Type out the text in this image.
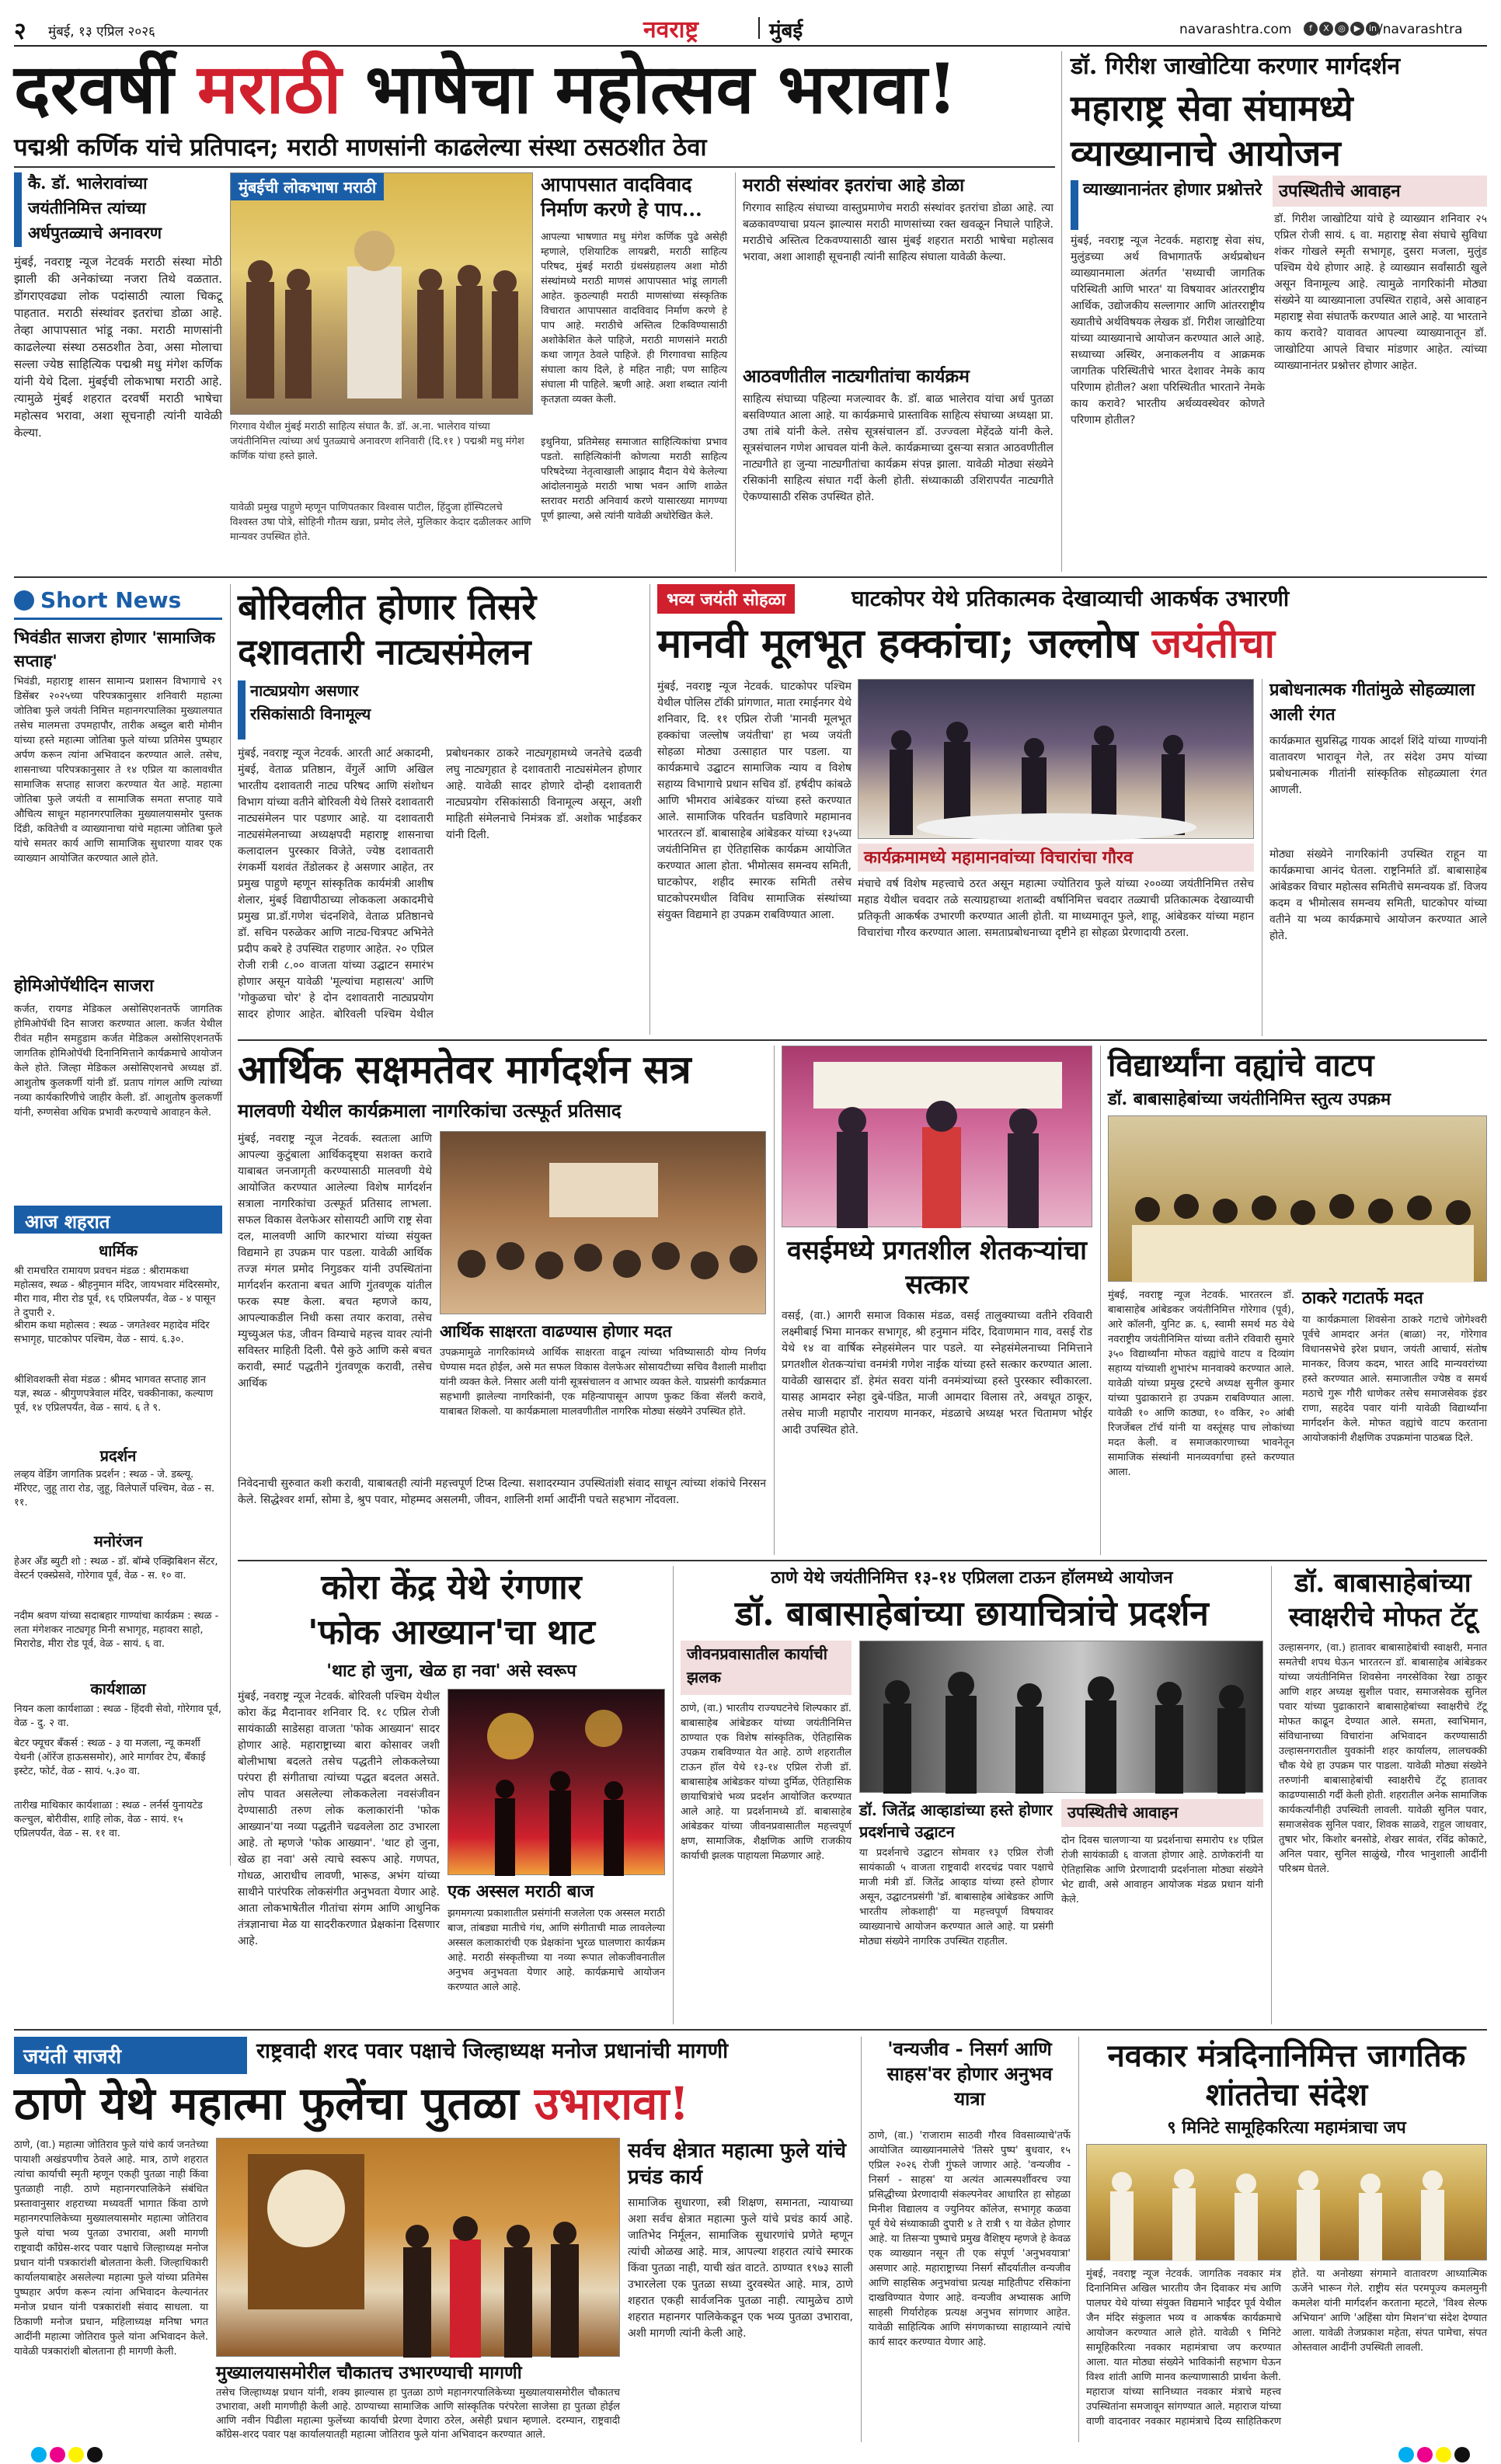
२ मुंबई, १३ एप्रिल २०२६	नवराष्ट्र	मुंबई	navarashtra.com	f	X	◎ ▶ in /navarashtra
दरवर्षी मराठी भाषेचा महोत्सव भरावा!
पद्मश्री कर्णिक यांचे प्रतिपादन; मराठी माणसांनी काढलेल्या संस्था ठसठशीत ठेवा
कै. डॉ. भालेरावांच्या जयंतीनिमित्त त्यांच्या अर्धपुतळ्याचे अनावरण
मुंबई, नवराष्ट्र न्यूज नेटवर्क मराठी संस्था मोठी झाली की अनेकांच्या नजरा तिथे वळतात. डोंगराएवढ्या लोक पदांसाठी त्याला चिकटू पाहतात. मराठी संस्थांवर इतरांचा डोळा आहे. तेव्हा आपापसात भांडू नका. मराठी माणसांनी काढलेल्या संस्था ठसठशीत ठेवा, असा मोलाचा सल्ला ज्येष्ठ साहित्यिक पद्मश्री मधु मंगेश कर्णिक यांनी येथे दिला. मुंबईची लोकभाषा मराठी आहे. त्यामुळे मुंबई शहरात दरवर्षी मराठी भाषेचा महोत्सव भरावा, अशा सूचनाही त्यांनी यावेळी केल्या.
मुंबईची लोकभाषा मराठी
गिरगाव येथील मुंबई मराठी साहित्य संघात कै. डॉ. अ.ना. भालेराव यांच्या जयंतीनिमित्त त्यांच्या अर्ध पुतळ्याचे अनावरण शनिवारी (दि.११ ) पद्मश्री मधु मंगेश कर्णिक यांचा हस्ते झाले.
यावेळी प्रमुख पाहुणे म्हणून पाणिपतकार विश्वास पाटील, हिंदुजा हॉस्पिटलचे विश्वस्त उषा पोत्रे, सोहिनी गौतम खन्ना, प्रमोद लेले, मुलिकार केदार दळीलकर आणि मान्यवर उपस्थित होते.
आपापसात वादविवाद निर्माण करणे हे पाप...
आपल्या भाषणात मधु मंगेश कर्णिक पुढे असेही म्हणाले, एशियाटिक लायब्ररी, मराठी साहित्य परिषद, मुंबई मराठी ग्रंथसंग्रहालय अशा मोठी संस्थांमध्ये मराठी माणसं आपापसात भांडू लागली आहेत. कुठल्याही मराठी माणसांच्या संस्कृतिक विचारात आपापसात वादविवाद निर्माण करणे हे पाप आहे. मराठीचे अस्तित्व टिकविण्यासाठी अशोकेशित केले पाहिजे, मराठी माणसांने मराठी कथा जागृत ठेवले पाहिजे. ही गिरगावचा साहित्य संघाला काय दिले, हे महित नाही; पण साहित्य संघाला मी पाहिले. ऋणी आहे. अशा शब्दात त्यांनी कृतज्ञता व्यक्त केली.
इथुनिया, प्रतिमेसह समाजात साहित्यिकांचा प्रभाव पडतो. साहित्यिकांनी कोणत्या मराठी साहित्य परिषदेच्या नेतृत्वाखाली आझाद मैदान येथे केलेल्या आंदोलनामुळे मराठी भाषा भवन आणि शाळेत स्तरावर मराठी अनिवार्य करणे यासारख्या मागण्या पूर्ण झाल्या, असे त्यांनी यावेळी अधोरेखित केले.
मराठी संस्थांवर इतरांचा आहे डोळा
गिरगाव साहित्य संघाच्या वास्तुप्रमाणेच मराठी संस्थांवर इतरांचा डोळा आहे. त्या बळकावण्याचा प्रयत्न झाल्यास मराठी माणसांच्या रक्त खवळून निघाले पाहिजे. मराठीचे अस्तित्व टिकवण्यासाठी खास मुंबई शहरात मराठी भाषेचा महोत्सव भरावा, अशा आशाही सूचनाही त्यांनी साहित्य संघाला यावेळी केल्या.
आठवणीतील नाट्यगीतांचा कार्यक्रम
साहित्य संघाच्या पहिल्या मजल्यावर कै. डॉ. बाळ भालेराव यांचा अर्ध पुतळा बसविण्यात आला आहे. या कार्यक्रमाचे प्रास्ताविक साहित्य संघाच्या अध्यक्षा प्रा. उषा तांबे यांनी केले. तसेच सूत्रसंचालन डॉ. उज्ज्वला मेहेंदळे यांनी केले. सूत्रसंचालन गणेश आचवल यांनी केले. कार्यक्रमाच्या दुसऱ्या सत्रात आठवणीतील नाट्यगीते हा जुन्या नाट्यगीतांचा कार्यक्रम संपन्न झाला. यावेळी मोठ्या संख्येने रसिकांनी साहित्य संघात गर्दी केली होती. संध्याकाळी उशिरापर्यंत नाट्यगीते ऐकण्यासाठी रसिक उपस्थित होते.
डॉ. गिरीश जाखोटिया करणार मार्गदर्शन
महाराष्ट्र सेवा संघामध्ये व्याख्यानाचे आयोजन
व्याख्यानानंतर होणार प्रश्नोत्तरे
मुंबई, नवराष्ट्र न्यूज नेटवर्क. महाराष्ट्र सेवा संघ, मुलुंडच्या अर्थ विभागातर्फे अर्थप्रबोधन व्याख्यानमाला अंतर्गत 'सध्याची जागतिक परिस्थिती आणि भारत' या विषयावर आंतरराष्ट्रीय आर्थिक, उद्योजकीय सल्लागार आणि आंतरराष्ट्रीय ख्यातीचे अर्थविषयक लेखक डॉ. गिरीश जाखोटिया यांच्या व्याख्यानाचे आयोजन करण्यात आले आहे. सध्याच्या अस्थिर, अनाकलनीय व आक्रमक जागतिक परिस्थितीचे भारत देशावर नेमके काय परिणाम होतील? अशा परिस्थितीत भारताने नेमके काय करावे? भारतीय अर्थव्यवस्थेवर कोणते परिणाम होतील?
उपस्थितीचे आवाहन
डॉ. गिरीश जाखोटिया यांचे हे व्याख्यान शनिवार २५ एप्रिल रोजी सायं. ६ वा. महाराष्ट्र सेवा संघाचे सुविधा शंकर गोखले स्मृती सभागृह, दुसरा मजला, मुलुंड पश्चिम येथे होणार आहे. हे व्याख्यान सर्वांसाठी खुले असून विनामूल्य आहे. त्यामुळे नागरिकांनी मोठ्या संख्येने या व्याख्यानाला उपस्थित राहावे, असे आवाहन महाराष्ट्र सेवा संघातर्फे करण्यात आले आहे. या भारताने काय करावे? यावावत आपल्या व्याख्यानातून डॉ. जाखोटिया आपले विचार मांडणार आहेत. त्यांच्या व्याख्यानानंतर प्रश्नोत्तर होणार आहेत.
Short News
भिवंडीत साजरा होणार 'सामाजिक सप्ताह'
भिवंडी, महाराष्ट्र शासन सामान्य प्रशासन विभागाचे २९ डिसेंबर २०२५च्या परिपत्रकानुसार शनिवारी महात्मा जोतिबा फुले जयंती निमित्त महानगरपालिका मुख्यालयात तसेच मालमत्ता उपमहापौर, तारीक अब्दुल बारी मोमीन यांच्या हस्ते महात्मा जोतिबा फुले यांच्या प्रतिमेस पुष्पहार अर्पण करून त्यांना अभिवादन करण्यात आले. तसेच, शासनाच्या परिपत्रकानुसार ते १४ एप्रिल या कालावधीत सामाजिक सप्ताह साजरा करण्यात येत आहे. महात्मा जोतिबा फुले जयंती व सामाजिक समता सप्ताह यावे औचित्य साधून महानगरपालिका मुख्यालयासमोर पुस्तक दिंडी, कवितेची व व्याख्यानाचा यांचे महात्मा जोतिबा फुले यांचे समतर कार्य आणि सामाजिक सुधारणा यावर एक व्याख्यान आयोजित करण्यात आले होते.
होमिओपॅथीदिन साजरा
कर्जत, रायगड मेडिकल असोसिएशनतर्फे जागतिक होमिओपॅथी दिन साजरा करण्यात आला. कर्जत येथील रीवंत महीन समहुडाम कर्जत मेडिकल असोसिएशनतर्फे जागतिक होमिओपॅथी दिनानिमित्ताने कार्यक्रमाचे आयोजन केले होते. जिल्हा मेडिकल असोसिएशनचे अध्यक्ष डॉ. आशुतोष कुलकर्णी यांनी डॉ. प्रताप गांगल आणि त्यांच्या नव्या कार्यकारिणीचे जाहीर केली. डॉ. आशुतोष कुलकर्णी यांनी, रुग्णसेवा अधिक प्रभावी करण्याचे आवाहन केले.
आज शहरात
धार्मिक
श्री रामचरित रामायण प्रवचन मंडळ : श्रीरामकथा महोत्सव, स्थळ - श्रीहनुमान मंदिर, जायभवार मंदिरसमोर, मीरा गाव, मीरा रोड पूर्व, १६ एप्रिलपर्यंत, वेळ - ४ पासून ते दुपारी २.
श्रीराम कथा महोत्सव : स्थळ - जगतेश्वर महादेव मंदिर सभागृह, घाटकोपर पश्चिम, वेळ - सायं. ६.३०.
श्रीशिवशक्ती सेवा मंडळ : श्रीमद भागवत सप्ताह ज्ञान यज्ञ, स्थळ - श्रीगुणपत्रेवाल मंदिर, चक्कीनाका, कल्याण पूर्व, १४ एप्रिलपर्यंत, वेळ - सायं. ६ ते ९.
प्रदर्शन
लव्हय वेडिंग जागतिक प्रदर्शन : स्थळ - जे. डब्ल्यू. मॅरिएट, जुहू तारा रोड, जुहू, विलेपार्ले पश्चिम, वेळ - स. ११.
मनोरंजन
हेअर अँड ब्युटी शो : स्थळ - डॉ. बॉम्बे एक्झिबिशन सेंटर, वेस्टर्न एक्स्प्रेसवे, गोरेगाव पूर्व, वेळ - स. १० वा.
नदीम श्रवण यांच्या सदाबहार गाण्यांचा कार्यक्रम : स्थळ - लता मंगेशकर नाट्यगृह मिनी सभागृह, महावरा साहो, मिरारोड, मीरा रोड पूर्व, वेळ - सायं. ६ वा.
कार्यशाळा
नियन कला कार्यशाळा : स्थळ - हिंदवी सेवो, गोरेगाव पूर्व, वेळ - दु. २ वा.
बेटर फ्यूचर बँकर्स : स्थळ - ३ या मजला, न्यू कमर्शी येथनी (ऑरेंज हाऊससमोर), आरे मार्गावर टेप, बँकाई इस्टेट, फोर्ट, वेळ - सायं. ५.३० वा.
तारीख माथिकार कार्यशाळा : स्थळ - लर्नर्स युनायटेड कल्चुल, बोरीवीस, शाहि लोक, वेळ - सायं. १५ एप्रिलपर्यंत, वेळ - स. ११ वा.
बोरिवलीत होणार तिसरे दशावतारी नाट्यसंमेलन
नाट्यप्रयोग असणार रसिकांसाठी विनामूल्य
मुंबई, नवराष्ट्र न्यूज नेटवर्क. आरती आर्ट अकादमी, मुंबई, वेताळ प्रतिष्ठान, वेंगुर्ले आणि अखिल भारतीय दशावतारी नाट्य परिषद आणि संशोधन विभाग यांच्या वतीने बोरिवली येथे तिसरे दशावतारी नाट्यसंमेलन पार पडणार आहे. या दशावतारी नाट्यसंमेलनाच्या अध्यक्षपदी महाराष्ट्र शासनाचा कलादालन पुरस्कार विजेते, ज्येष्ठ दशावतारी रंगकर्मी यशवंत तेंडोलकर हे असणार आहेत, तर प्रमुख पाहुणे म्हणून सांस्कृतिक कार्यमंत्री आशीष शेलार, मुंबई विद्यापीठाच्या लोककला अकादमीचे प्रमुख प्रा.डॉ.गणेश चंदनशिवे, वेताळ प्रतिष्ठानचे डॉ. सचिन परुळेकर आणि नाट्य-चित्रपट अभिनेते प्रदीप कबरे हे उपस्थित राहणार आहेत. २० एप्रिल रोजी रात्री ८.०० वाजता यांच्या उद्घाटन समारंभ होणार असून यावेळी 'मूल्यांचा महासत्य' आणि 'गोकुळचा चोर' हे दोन दशावतारी नाट्यप्रयोग सादर होणार आहेत. बोरिवली पश्चिम येथील प्रबोधनकार ठाकरे नाट्यगृहामध्ये जनतेचे दळवी लघु नाट्यगृहात हे दशावतारी नाट्यसंमेलन होणार आहे. यावेळी सादर होणारे दोन्ही दशावतारी नाट्यप्रयोग रसिकांसाठी विनामूल्य असून, अशी माहिती संमेलनाचे निमंत्रक डॉ. अशोक भाईडकर यांनी दिली.
भव्य जयंती सोहळा	घाटकोपर येथे प्रतिकात्मक देखाव्याची आकर्षक उभारणी
मानवी मूलभूत हक्कांचा; जल्लोष जयंतीचा
मुंबई, नवराष्ट्र न्यूज नेटवर्क. घाटकोपर पश्चिम येथील पोलिस टॉकी प्रांगणात, माता रमाईनगर येथे शनिवार, दि. ११ एप्रिल रोजी 'मानवी मूलभूत हक्कांचा जल्लोष जयंतीचा' हा भव्य जयंती सोहळा मोठ्या उत्साहात पार पडला. या कार्यक्रमाचे उद्घाटन सामाजिक न्याय व विशेष सहाय्य विभागाचे प्रधान सचिव डॉ. हर्षदीप कांबळे आणि भीमराव आंबेडकर यांच्या हस्ते करण्यात आले. सामाजिक परिवर्तन घडविणारे महामानव भारतरत्न डॉ. बाबासाहेब आंबेडकर यांच्या १३५व्या जयंतीनिमित्त हा ऐतिहासिक कार्यक्रम आयोजित करण्यात आला होता. भीमोत्सव समन्वय समिती, घाटकोपर, शहीद स्मारक समिती तसेच घाटकोपरमधील विविध सामाजिक संस्थांच्या संयुक्त विद्यमाने हा उपक्रम राबविण्यात आला.
कार्यक्रमामध्ये महामानवांच्या विचारांचा गौरव
मंचाचे वर्ष विशेष महत्त्वाचे ठरत असून महात्मा ज्योतिराव फुले यांच्या २००व्या जयंतीनिमित्त तसेच महाड येथील चवदार तळे सत्याग्रहाच्या शताब्दी वर्षानिमित्त चवदार तळ्याची प्रतिकात्मक देखाव्याची प्रतिकृती आकर्षक उभारणी करण्यात आली होती. या माध्यमातून फुले, शाहू, आंबेडकर यांच्या महान विचारांचा गौरव करण्यात आला. समताप्रबोधनाच्या दृष्टीने हा सोहळा प्रेरणादायी ठरला.
प्रबोधनात्मक गीतांमुळे सोहळ्याला आली रंगत
कार्यक्रमात सुप्रसिद्ध गायक आदर्श शिंदे यांच्या गाण्यांनी वातावरण भारावून गेले, तर संदेश उमप यांच्या प्रबोधनात्मक गीतांनी सांस्कृतिक सोहळ्याला रंगत आणली.
मोठ्या संख्येने नागरिकांनी उपस्थित राहून या कार्यक्रमाचा आनंद घेतला. राष्ट्रनिर्माते डॉ. बाबासाहेब आंबेडकर विचार महोत्सव समितीचे समन्वयक डॉ. विजय कदम व भीमोत्सव समन्वय समिती, घाटकोपर यांच्या वतीने या भव्य कार्यक्रमाचे आयोजन करण्यात आले होते.
आर्थिक सक्षमतेवर मार्गदर्शन सत्र
मालवणी येथील कार्यक्रमाला नागरिकांचा उत्स्फूर्त प्रतिसाद
मुंबई, नवराष्ट्र न्यूज नेटवर्क. स्वतःला आणि आपल्या कुटुंबाला आर्थिकदृष्ट्या सशक्त करावे याबाबत जनजागृती करण्यासाठी मालवणी येथे आयोजित करण्यात आलेल्या विशेष मार्गदर्शन सत्राला नागरिकांचा उत्स्फूर्त प्रतिसाद लाभला. सफल विकास वेलफेअर सोसायटी आणि राष्ट्र सेवा दल, मालवणी आणि कारभारा यांच्या संयुक्त विद्यमाने हा उपक्रम पार पडला. यावेळी आर्थिक तज्ज्ञ मंगल प्रमोद निगुडकर यांनी उपस्थितांना मार्गदर्शन करताना बचत आणि गुंतवणूक यांतील फरक स्पष्ट केला. बचत म्हणजे काय, आपल्याकडील निधी कसा तयार करावा, तसेच म्युच्युअल फंड, जीवन विम्याचे महत्त्व यावर त्यांनी सविस्तर माहिती दिली. पैसे कुठे आणि कसे बचत करावी, स्मार्ट पद्धतीने गुंतवणूक करावी, तसेच आर्थिक
आर्थिक साक्षरता वाढण्यास होणार मदत
उपक्रमामुळे नागरिकांमध्ये आर्थिक साक्षरता वाढून त्यांच्या भविष्यासाठी योग्य निर्णय घेण्यास मदत होईल, असे मत सफल विकास वेलफेअर सोसायटीच्या सचिव वैशाली माशीदा यांनी व्यक्त केले. निसार अली यांनी सूत्रसंचालन व आभार व्यक्त केले. याप्रसंगी कार्यक्रमात सहभागी झालेल्या नागरिकांनी, एक महिन्यापासून आपण फुकट किंवा सॅलरी करावे, याबाबत शिकलो. या कार्यक्रमाला मालवणीतील नागरिक मोठ्या संख्येने उपस्थित होते.
निवेदनाची सुरुवात कशी करावी, याबाबतही त्यांनी महत्त्वपूर्ण टिप्स दिल्या. सशादरम्यान उपस्थितांशी संवाद साधून त्यांच्या शंकांचे निरसन केले. सिद्धेश्वर शर्मा, सोमा डे, श्रुप पवार, मोहम्मद असलमी, जीवन, शालिनी शर्मा आदींनी पचते सहभाग नोंदवला.
वसईमध्ये प्रगतशील शेतकऱ्यांचा सत्कार
वसई, (वा.) आगरी समाज विकास मंडळ, वसई तालुक्याच्या वतीने रविवारी लक्ष्मीबाई भिमा मानकर सभागृह, श्री हनुमान मंदिर, दिवाणमान गाव, वसई रोड येथे १४ वा वार्षिक स्नेहसंमेलन पार पडले. या स्नेहसंमेलनाच्या निमित्ताने प्रगतशील शेतकऱ्यांचा वनमंत्री गणेश नाईक यांच्या हस्ते सत्कार करण्यात आला. यावेळी खासदार डॉ. हेमंत सवरा यांनी वनमंत्र्यांच्या हस्ते पुरस्कार स्वीकारला. यासह आमदार स्नेहा दुबे-पंडित, माजी आमदार विलास तरे, अवधूत ठाकूर, तसेच माजी महापौर नारायण मानकर, मंडळाचे अध्यक्ष भरत चितामण भोईर आदी उपस्थित होते.
विद्यार्थ्यांना वह्यांचे वाटप
डॉ. बाबासाहेबांच्या जयंतीनिमित्त स्तुत्य उपक्रम
मुंबई, नवराष्ट्र न्यूज नेटवर्क. भारतरत्न डॉ. बाबासाहेब आंबेडकर जयंतीनिमित्त गोरेगाव (पूर्व), आरे कॉलनी, युनिट क्र. ६, स्वामी समर्थ मठ येथे नवराष्ट्रीय जयंतीनिमित्त यांच्या वतीने रविवारी सुमारे ३५० विद्यार्थ्यांना मोफत वह्यांचे वाटप व दिव्यांग सहाय्य यांच्याशी शुभारंभ मानवाक्ये करण्यात आले. यावेळी यांच्या प्रमुख ट्रस्टचे अध्यक्ष सुनील कुमार यांच्या पुढाकाराने हा उपक्रम राबविण्यात आला. यावेळी १० आणि काठ्या, १० वकिर, २० आंबी रिजर्जेबल टॉर्च यांनी या वस्तूंसह पाच लोकांच्या मदत केली. व समाजकारणाच्या भावनेतून सामाजिक संस्थांनी मानव्यवर्गाचा हस्ते करण्यात आला.
ठाकरे गटातर्फे मदत
या कार्यक्रमाला शिवसेना ठाकरे गटाचे जोगेश्वरी पूर्वचे आमदार अनंत (बाळा) नर, गोरेगाव विधानसभेचे इरेश प्रधान, जयंती आचार्य, संतोष मानकर, विजय कदम, भारत आदि मान्यवरांच्या हस्ते करण्यात आले. समाजातील ज्येष्ठ व समर्थ मठाचे गुरू गौरी धाणेकर तसेच समाजसेवक इंडर राणा, सहदेव पवार यांनी यावेळी विद्यार्थ्यांना मार्गदर्शन केले. मोफत वह्यांचे वाटप करताना आयोजकांनी शैक्षणिक उपक्रमांना पाठबळ दिले.
कोरा केंद्र येथे रंगणार
'फोक आख्यान'चा थाट
'थाट हो जुना, खेळ हा नवा' असे स्वरूप
मुंबई, नवराष्ट्र न्यूज नेटवर्क. बोरिवली पश्चिम येथील कोरा केंद्र मैदानावर शनिवार दि. १८ एप्रिल रोजी सायंकाळी साडेसहा वाजता 'फोक आख्यान' सादर होणार आहे. महाराष्ट्राच्या बारा कोसावर जशी बोलीभाषा बदलते तसेच पद्धतीने लोककलेच्या परंपरा ही संगीताचा त्यांच्या पद्धत बदलत असते. लोप पावत असलेल्या लोककलेला नवसंजीवन देण्यासाठी तरुण लोक कलाकारांनी 'फोक आख्यान'या नव्या पद्धतीने चढवलेला ठाट उभारला आहे. तो म्हणजे 'फोक आख्यान'. 'थाट हो जुना, खेळ हा नवा' असे त्याचे स्वरूप आहे. गणपत, गोधळ, आराधीच लावणी, भारूड, अभंग यांच्या साथीने पारंपरिक लोकसंगीत अनुभवता येणार आहे. आता लोकभाषेतील गीतांचा संगम आणि आधुनिक तंत्रज्ञानाचा मेळ या सादरीकरणात प्रेक्षकांना दिसणार आहे.
एक अस्सल मराठी बाज
झगमगत्या प्रकाशातील प्रसंगांनी सजलेला एक अस्सल मराठी बाज, तांबड्या मातीचे गंध, आणि संगीताची माळ लावलेल्या अस्सल कलाकारांची एक प्रेक्षकांना भुरळ घालणारा कार्यक्रम आहे. मराठी संस्कृतीच्या या नव्या रूपात लोकजीवनातील अनुभव अनुभवता येणार आहे. कार्यक्रमाचे आयोजन करण्यात आले आहे.
ठाणे येथे जयंतीनिमित्त १३-१४ एप्रिलला टाऊन हॉलमध्ये आयोजन
डॉ. बाबासाहेबांच्या छायाचित्रांचे प्रदर्शन
जीवनप्रवासातील कार्याची झलक
ठाणे, (वा.) भारतीय राज्यघटनेचे शिल्पकार डॉ. बाबासाहेब आंबेडकर यांच्या जयंतीनिमित्त ठाण्यात एक विशेष सांस्कृतिक, ऐतिहासिक उपक्रम राबविण्यात येत आहे. ठाणे शहरातील टाऊन हॉल येथे १३-१४ एप्रिल रोजी डॉ. बाबासाहेब आंबेडकर यांच्या दुर्मिळ, ऐतिहासिक छायाचित्रांचे भव्य प्रदर्शन आयोजित करण्यात आले आहे. या प्रदर्शनामध्ये डॉ. बाबासाहेब आंबेडकर यांच्या जीवनप्रवासातील महत्त्वपूर्ण क्षण, सामाजिक, शैक्षणिक आणि राजकीय कार्याची झलक पाहायला मिळणार आहे.
डॉ. जितेंद्र आव्हाडांच्या हस्ते होणार प्रदर्शनाचे उद्घाटन
या प्रदर्शनाचे उद्घाटन सोमवार १३ एप्रिल रोजी सायंकाळी ५ वाजता राष्ट्रवादी शरदचंद्र पवार पक्षाचे माजी मंत्री डॉ. जितेंद्र आव्हाड यांच्या हस्ते होणार असून, उद्घाटनप्रसंगी 'डॉ. बाबासाहेब आंबेडकर आणि भारतीय लोकशाही' या महत्त्वपूर्ण विषयावर व्याख्यानाचे आयोजन करण्यात आले आहे. या प्रसंगी मोठ्या संख्येने नागरिक उपस्थित राहतील.
उपस्थितीचे आवाहन
दोन दिवस चालणाऱ्या या प्रदर्शनाचा समारोप १४ एप्रिल रोजी सायंकाळी ६ वाजता होणार आहे. ठाणेकरांनी या ऐतिहासिक आणि प्रेरणादायी प्रदर्शनाला मोठ्या संख्येने भेट द्यावी, असे आवाहन आयोजक मंडळ प्रधान यांनी केले.
डॉ. बाबासाहेबांच्या स्वाक्षरीचे मोफत टॅटू
उल्हासनगर, (वा.) हातावर बाबासाहेबांची स्वाक्षरी, मनात समतेची शपथ घेऊन भारतरत्न डॉ. बाबासाहेब आंबेडकर यांच्या जयंतीनिमित्त शिवसेना नगरसेविका रेखा ठाकूर आणि शहर अध्यक्ष सुशील पवार, समाजसेवक सुनिल पवार यांच्या पुढाकाराने बाबासाहेबांच्या स्वाक्षरीचे टॅटू मोफत काढून देण्यात आले. समता, स्वाभिमान, संविधानाच्या विचारांना अभिवादन करण्यासाठी उल्हासनगरातील युवकांनी शहर कार्यालय, लालचक्की चौक येथे हा उपक्रम पार पाडला. यावेळी मोठ्या संख्येने तरुणांनी बाबासाहेबांची स्वाक्षरीचे टॅटू हातावर काढण्यासाठी गर्दी केली होती. शहरातील अनेक सामाजिक कार्यकर्त्यांनीही उपस्थिती लावली. यावेळी सुनिल पवार, समाजसेवक सुनिल पवार, शिवक साळवे, राहुल जाधवार, तुषार भोर, किशोर बनसोडे, शेखर सावंत, रविंद्र कोकाटे, अनिल पवार, सुनिल साळुंखे, गौरव भानुशाली आदींनी परिश्रम घेतले.
जयंती साजरी	राष्ट्रवादी शरद पवार पक्षाचे जिल्हाध्यक्ष मनोज प्रधानांची मागणी
ठाणे येथे महात्मा फुलेंचा पुतळा उभारावा!
ठाणे, (वा.) महात्मा जोतिराव फुले यांचे कार्य जनतेच्या पायाशी अखंडपणीच ठेवले आहे. मात्र, ठाणे शहरात त्यांचा कार्याची स्मृती म्हणून एकही पुतळा नाही किंवा पुतळाही नाही. ठाणे महानगरपालिकेने संबंधित प्रस्तावानुसार शहराच्या मध्यवर्ती भागात किंवा ठाणे महानगरपालिकेच्या मुख्यालयासमोर महात्मा जोतिराव फुले यांचा भव्य पुतळा उभारावा, अशी मागणी राष्ट्रवादी काँग्रेस-शरद पवार पक्षाचे जिल्हाध्यक्ष मनोज प्रधान यांनी पत्रकारांशी बोलताना केली. जिल्हाधिकारी कार्यालयाबाहेर असलेल्या महात्मा फुले यांच्या प्रतिमेस पुष्पहार अर्पण करून त्यांना अभिवादन केल्यानंतर मनोज प्रधान यांनी पत्रकारांशी संवाद साधला. या ठिकाणी मनोज प्रधान, महिलाध्यक्ष मनिषा भगत आदींनी महात्मा जोतिराव फुले यांना अभिवादन केले. यावेळी पत्रकारांशी बोलताना ही मागणी केली.
मुख्यालयासमोरील चौकातच उभारण्याची मागणी
तसेच जिल्हाध्यक्ष प्रधान यांनी, शक्य झाल्यास हा पुतळा ठाणे महानगरपालिकेच्या मुख्यालयासमोरील चौकातच उभारावा, अशी मागणीही केली आहे. ठाण्याच्या सामाजिक आणि सांस्कृतिक परंपरेला साजेसा हा पुतळा होईल आणि नवीन पिढीला महात्मा फुलेंच्या कार्याची प्रेरणा देणारा ठरेल, असेही प्रधान म्हणाले. दरम्यान, राष्ट्रवादी काँग्रेस-शरद पवार पक्ष कार्यालयातही महात्मा जोतिराव फुले यांना अभिवादन करण्यात आले.
सर्वच क्षेत्रात महात्मा फुले यांचे प्रचंड कार्य
सामाजिक सुधारणा, स्त्री शिक्षण, समानता, न्यायाच्या अशा सर्वच क्षेत्रात महात्मा फुले यांचे प्रचंड कार्य आहे. जातिभेद निर्मूलन, सामाजिक सुधारणांचे प्रणेते म्हणून त्यांची ओळख आहे. मात्र, आपल्या शहरात त्यांचे स्मारक किंवा पुतळा नाही, याची खंत वाटते. ठाण्यात १९७३ साली उभारलेला एक पुतळा सध्या दुरवस्थेत आहे. मात्र, ठाणे शहरात एकही सार्वजनिक पुतळा नाही. त्यामुळेच ठाणे शहरात महानगर पालिकेकडून एक भव्य पुतळा उभारावा, अशी मागणी त्यांनी केली आहे.
'वन्यजीव - निसर्ग आणि साहस'वर होणार अनुभव यात्रा
ठाणे, (वा.) 'राजाराम साठवी गौरव विवसाव्याचे'तर्फे आयोजित व्याख्यानमालेचे 'तिसरे पुष्प' बुधवार, १५ एप्रिल २०२६ रोजी गुंफले जाणार आहे. 'वन्यजीव - निसर्ग - साहस' या अत्यंत आत्मस्पर्शीवरच ज्या प्रसिद्धीच्या प्रेरणादायी संकल्पनेवर आधारित हा सोहळा मिनीश विद्यालय व ज्युनियर कॉलेज, सभागृह कळवा पूर्व येथे संध्याकाळी दुपारी ४ ते रात्री ९ या वेळेत होणार आहे. या तिसऱ्या पुष्पाचे प्रमुख वैशिष्ट्य म्हणजे हे केवळ एक व्याख्यान नसून ती एक संपूर्ण 'अनुभवयात्रा' असणार आहे. महाराष्ट्राच्या निसर्ग सौंदर्यातील वन्यजीव आणि साहसिक अनुभवांचा प्रत्यक्ष माहितीपट रसिकांना दाखविण्यात येणार आहे. वन्यजीव अभ्यासक आणि साहसी गिर्यारोहक प्रत्यक्ष अनुभव सांगणार आहेत. यावेळी साहित्यिक आणि संगणकाच्या साहाय्याने त्यांचे कार्य सादर करण्यात येणार आहे.
नवकार मंत्रदिनानिमित्त जागतिक शांततेचा संदेश
९ मिनिटे सामूहिकरित्या महामंत्राचा जप
मुंबई, नवराष्ट्र न्यूज नेटवर्क. जागतिक नवकार मंत्र दिनानिमित्त अखिल भारतीय जैन दिवाकर मंच आणि पालघर येथे यांच्या संयुक्त विद्यमाने भाईंदर पूर्व येथील जैन मंदिर संकुलात भव्य व आकर्षक कार्यक्रमाचे आयोजन करण्यात आले होते. यावेळी ९ मिनिटे सामूहिकरित्या नवकार महामंत्राचा जप करण्यात आला. यात मोठ्या संख्येने भाविकांनी सहभाग घेऊन विश्व शांती आणि मानव कल्याणासाठी प्रार्थना केली. महाराज यांच्या सानिध्यात नवकार मंत्राचे महत्त्व उपस्थितांना समजावून सांगण्यात आले. महाराज यांच्या वाणी वादनावर नवकार महामंत्राचे दिव्य साहितिकरण होते. या अनोख्या संगमाने वातावरण आध्यात्मिक ऊर्जेने भारून गेले. राष्ट्रीय संत परमपूज्य कमलमुनी कमलेश यांनी मार्गदर्शन करताना म्हटले, 'विश्व सेल्फ अभियान' आणि 'अहिंसा योग मिशन'चा संदेश देण्यात आला. यावेळी तेजप्रकाश महेता, संपत पामेचा, संपत ओस्तवाल आदींनी उपस्थिती लावली.
